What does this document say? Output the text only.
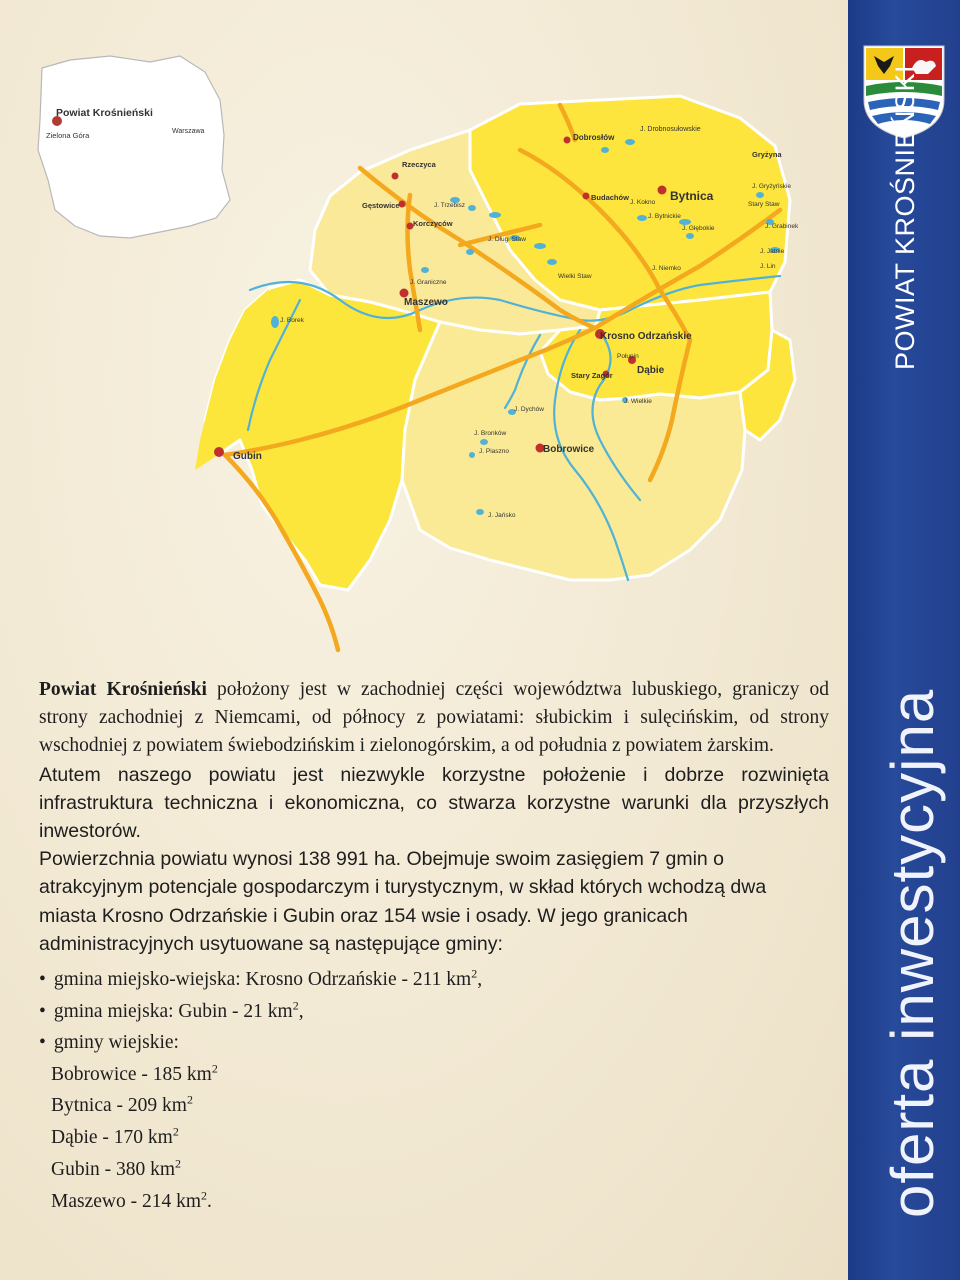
Powiat Krośnieński
Zielona Góra	Warszawa
Dobrosłów
J. Drobnosułowskie
Gryżyna
Rzeczyca
Gęstowice	J. Trzebisz
Korczyców
J. Długi Staw
Budachów
J. Kokno Bytnica
J. Gryżyńskie
Stary Staw
J. Bytnickie
J. Głębokie	J. Grabinek
J. Jatnie
J. Niemko	J. Lin
Wielki Staw
J. Graniczne
Maszewo
J. Borek
Krosno Odrzańskie
Połupin
Dąbie
Stary Zagór
J. Wielkie
J. Dychów
J. Bronków
Gubin	J. Piaszno	Bobrowice
J. Jańsko

Powiat Krośnieński położony jest w zachodniej części województwa lubuskiego, graniczy od strony zachodniej z Niemcami, od północy z powiatami: słubickim i sulęcińskim, od strony wschodniej z powiatem świebodzińskim i zielonogórskim, a od południa z powiatem żarskim.

Atutem naszego powiatu jest niezwykle korzystne położenie i dobrze rozwinięta infrastruktura techniczna i ekonomiczna, co stwarza korzystne warunki dla przyszłych inwestorów.

Powierzchnia powiatu wynosi 138 991 ha. Obejmuje swoim zasięgiem 7 gmin o atrakcyjnym potencjale gospodarczym i turystycznym, w skład których wchodzą dwa miasta Krosno Odrzańskie i Gubin oraz 154 wsie i osady. W jego granicach administracyjnych usytuowane są następujące gminy:

• gmina miejsko-wiejska: Krosno Odrzańskie - 211 $km^2$,
• gmina miejska: Gubin - 21 $km^2$,
• gminy wiejskie:
Bobrowice - 185 $km^2$
Bytnica - 209 $km^2$
Dąbie - 170 $km^2$
Gubin - 380 $km^2$
Maszewo - 214 $km^2$.
POWIAT KROŚNIEŃSKI
oferta inwestycyjna
